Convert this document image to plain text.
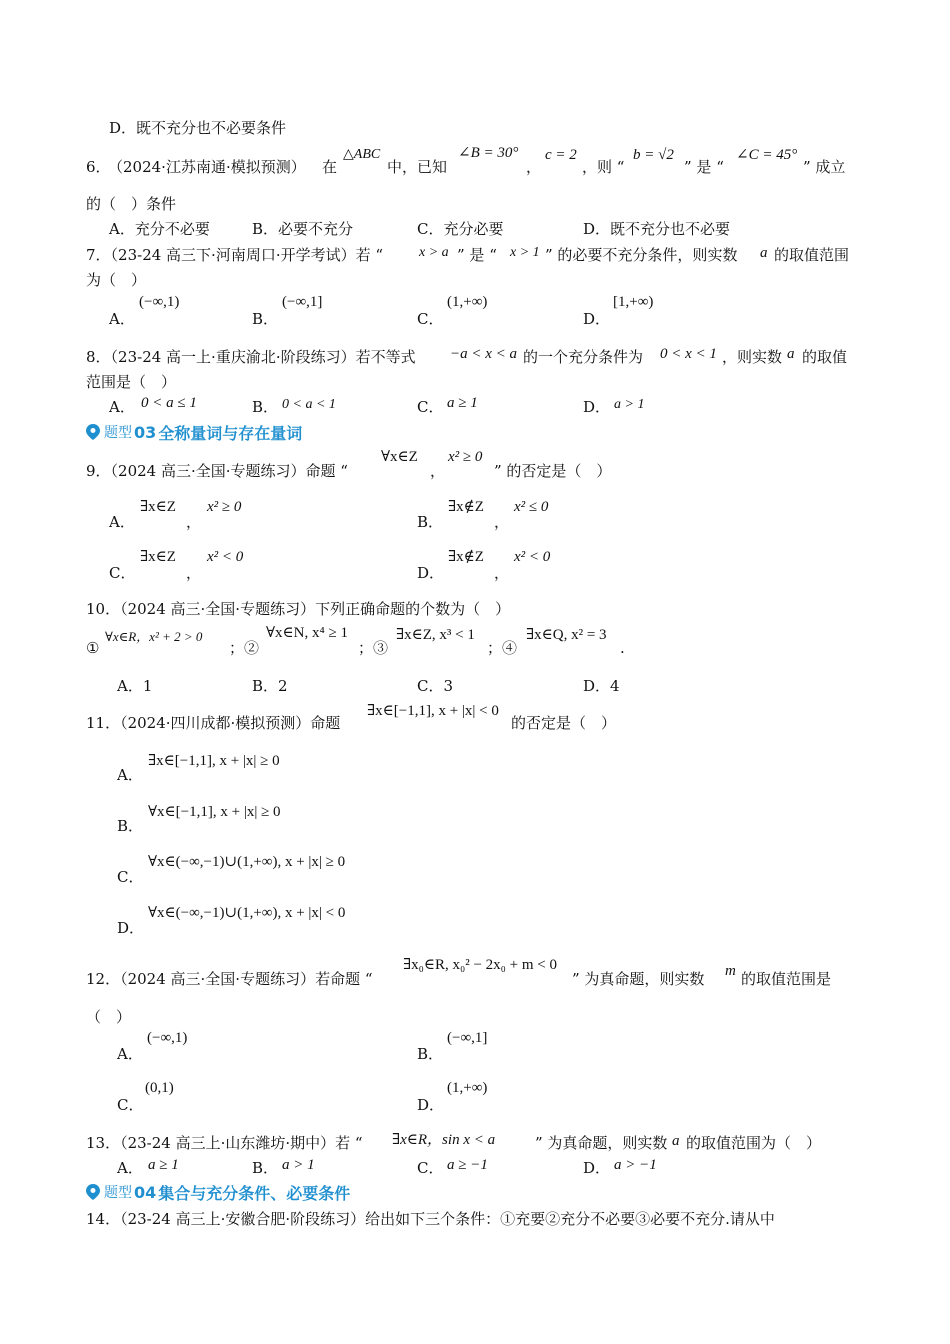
D．既不充分也不必要条件
6．
（2024·江苏南通·模拟预测） 在
△ABC
中，已知
∠B = 30°
，
c = 2
，则 “
b = √2
” 是 “
∠C = 45°
” 成立
的（　）条件
A．充分不必要	B．必要不充分	C．充分必要	D．既不充分也不必要
7．（23-24 高三下·河南周口·开学考试）若 “	x > a ” 是 “ x > 1 ” 的必要不充分条件，则实数 a 的取值范围
为（　）
A．
(−∞,1)
B．
(−∞,1]
C．
(1,+∞)
D．
[1,+∞)
8．（23-24 高一上·重庆渝北·阶段练习）若不等式 −a < x < a 的一个充分条件为 0 < x < 1 ，则实数 a 的取值
范围是（　）
A． 0 < a ≤ 1	B． 0 < a < 1	C． a ≥ 1	D． a > 1
题型 03 全称量词与存在量词
9．（2024 高三·全国·专题练习）命题 “
∀x∈Z
，
x² ≥ 0
” 的否定是（　）
A．
∃x∈Z
，
x² ≥ 0
B．
∃x∉Z
，
x² ≤ 0
C．
∃x∈Z
，
x² < 0
D．
∃x∉Z
，
x² < 0
10．（2024 高三·全国·专题练习）下列正确命题的个数为（　）
①
∀x∈R，x² + 2 > 0
；②
∀x∈N, x⁴ ≥ 1
；③
∃x∈Z, x³ < 1
；④
∃x∈Q, x² = 3
.
A．1	B．2	C．3	D．4
11．（2024·四川成都·模拟预测）命题
∃x∈[−1,1], x + |x| < 0
的否定是（　）
A．
∃x∈[−1,1], x + |x| ≥ 0
B．
∀x∈[−1,1], x + |x| ≥ 0
C．
∀x∈(−∞,−1)∪(1,+∞), x + |x| ≥ 0
D．
∀x∈(−∞,−1)∪(1,+∞), x + |x| < 0
12．（2024 高三·全国·专题练习）若命题 “
∃x₀∈R, x₀² − 2x₀ + m < 0
” 为真命题，则实数 m 的取值范围是
（　）
A．
(−∞,1)
B．
(−∞,1]
C．
(0,1)
D．
(1,+∞)
13．（23-24 高三上·山东潍坊·期中）若 “ ∃x∈R，sin x < a	” 为真命题，则实数 a 的取值范围为（　）
A． a ≥ 1	B． a > 1	C． a ≥ −1	D． a > −1
题型 04 集合与充分条件、必要条件
14．（23-24 高三上·安徽合肥·阶段练习）给出如下三个条件：①充要②充分不必要③必要不充分.请从中
